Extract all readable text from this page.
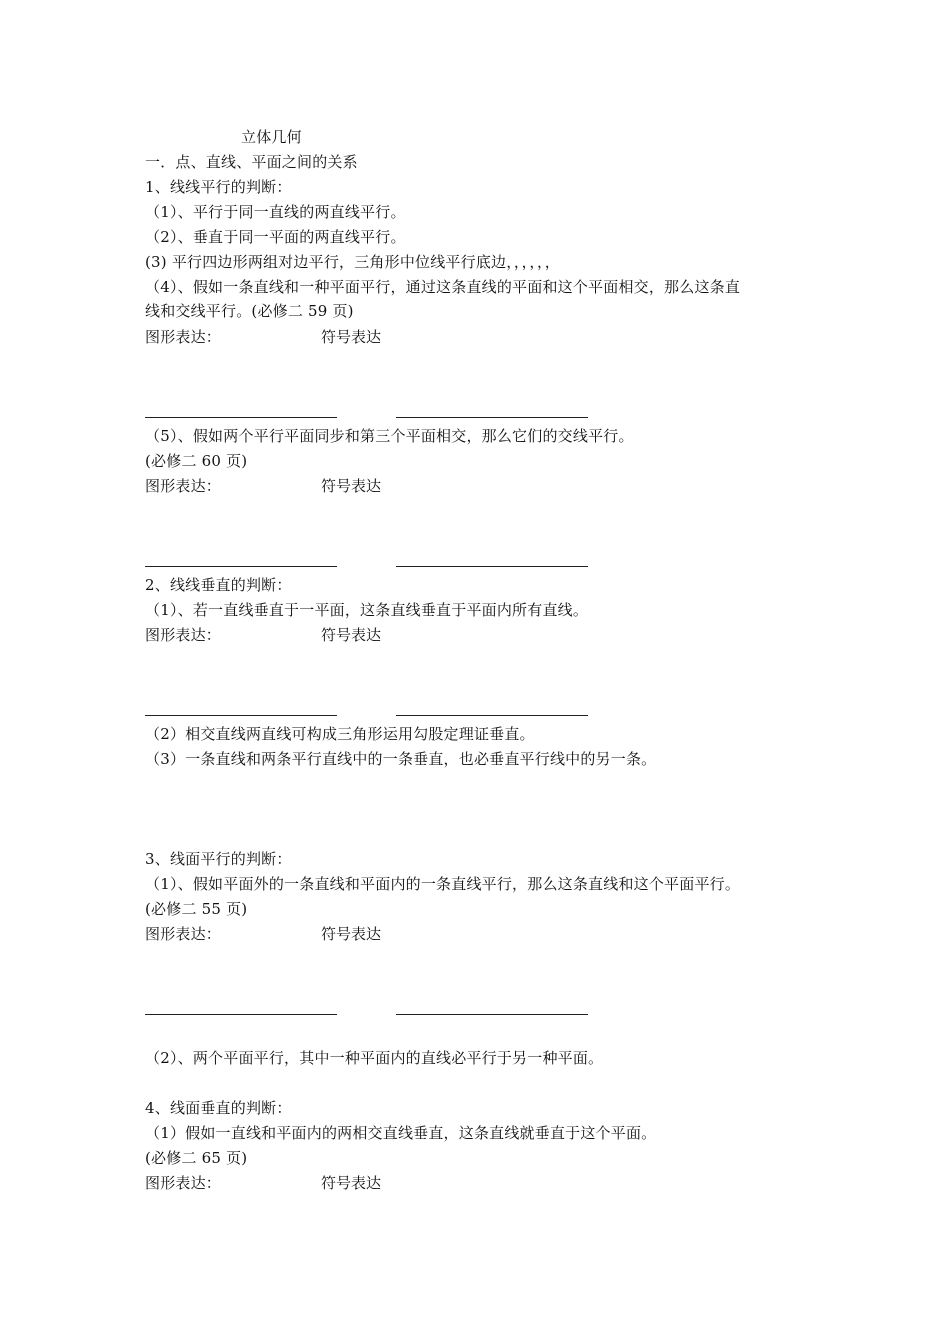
立体几何
一．点、直线、平面之间的关系
1、线线平行的判断：
（1）、平行于同一直线的两直线平行。
（2）、垂直于同一平面的两直线平行。
(3) 平行四边形两组对边平行，三角形中位线平行底边，，，，，，
（4）、假如一条直线和一种平面平行，通过这条直线的平面和这个平面相交，那么这条直
线和交线平行。(必修二 59 页)
图形表达：	符号表达
（5）、假如两个平行平面同步和第三个平面相交，那么它们的交线平行。
(必修二 60 页)
图形表达：	符号表达
2、线线垂直的判断：
（1）、若一直线垂直于一平面，这条直线垂直于平面内所有直线。
图形表达：	符号表达
（2）相交直线两直线可构成三角形运用勾股定理证垂直。
（3）一条直线和两条平行直线中的一条垂直，也必垂直平行线中的另一条。
3、线面平行的判断：
（1）、假如平面外的一条直线和平面内的一条直线平行，那么这条直线和这个平面平行。
(必修二 55 页)
图形表达：	符号表达
（2）、两个平面平行，其中一种平面内的直线必平行于另一种平面。
4、线面垂直的判断：
（1）假如一直线和平面内的两相交直线垂直，这条直线就垂直于这个平面。
(必修二 65 页)
图形表达：	符号表达
